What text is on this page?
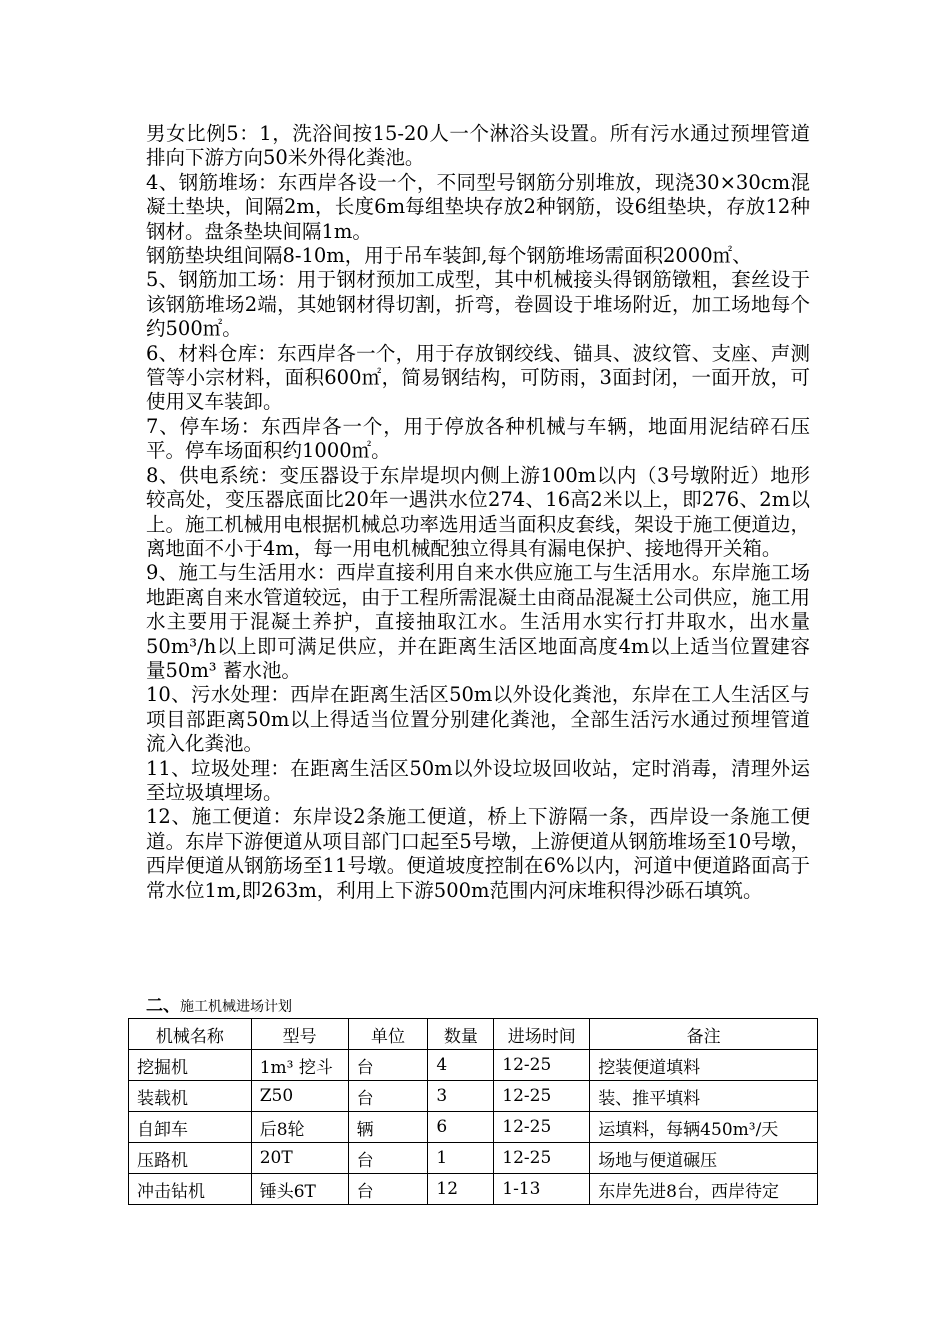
男女比例5：1，洗浴间按15-20人一个淋浴头设置。所有污水通过预埋管道排向下游方向50米外得化粪池。

4、钢筋堆场：东西岸各设一个，不同型号钢筋分别堆放，现浇30×30cm混凝土垫块，间隔2m，长度6m每组垫块存放2种钢筋，设6组垫块，存放12种钢材。盘条垫块间隔1m。

钢筋垫块组间隔8-10m，用于吊车装卸,每个钢筋堆场需面积2000㎡、

5、钢筋加工场：用于钢材预加工成型，其中机械接头得钢筋镦粗，套丝设于该钢筋堆场2端，其她钢材得切割，折弯，卷圆设于堆场附近，加工场地每个约500㎡。

6、材料仓库：东西岸各一个，用于存放钢绞线、锚具、波纹管、支座、声测管等小宗材料，面积600㎡，简易钢结构，可防雨，3面封闭，一面开放，可使用叉车装卸。

7、停车场：东西岸各一个，用于停放各种机械与车辆，地面用泥结碎石压平。停车场面积约1000㎡。

8、供电系统：变压器设于东岸堤坝内侧上游100m以内（3号墩附近）地形较高处，变压器底面比20年一遇洪水位274、16高2米以上，即276、2m以上。施工机械用电根据机械总功率选用适当面积皮套线，架设于施工便道边，离地面不小于4m，每一用电机械配独立得具有漏电保护、接地得开关箱。

9、施工与生活用水：西岸直接利用自来水供应施工与生活用水。东岸施工场地距离自来水管道较远，由于工程所需混凝土由商品混凝土公司供应，施工用水主要用于混凝土养护，直接抽取江水。生活用水实行打井取水，出水量50m³/h以上即可满足供应，并在距离生活区地面高度4m以上适当位置建容量50m³ 蓄水池。

10、污水处理：西岸在距离生活区50m以外设化粪池，东岸在工人生活区与项目部距离50m以上得适当位置分别建化粪池，全部生活污水通过预埋管道流入化粪池。

11、垃圾处理：在距离生活区50m以外设垃圾回收站，定时消毒，清理外运至垃圾填埋场。

12、施工便道：东岸设2条施工便道，桥上下游隔一条，西岸设一条施工便道。东岸下游便道从项目部门口起至5号墩，上游便道从钢筋堆场至10号墩，西岸便道从钢筋场至11号墩。便道坡度控制在6%以内，河道中便道路面高于常水位1m,即263m，利用上下游500m范围内河床堆积得沙砾石填筑。

二、施工机械进场计划
机械名称	型号	单位	数量	进场时间	备注
挖掘机	1m³ 挖斗	台	4	12-25	挖装便道填料
装载机	Z50	台	3	12-25	装、推平填料
自卸车	后8轮	辆	6	12-25	运填料，每辆450m³/天
压路机	20T	台	1	12-25	场地与便道碾压
冲击钻机	锤头6T	台	12	1-13	东岸先进8台，西岸待定
